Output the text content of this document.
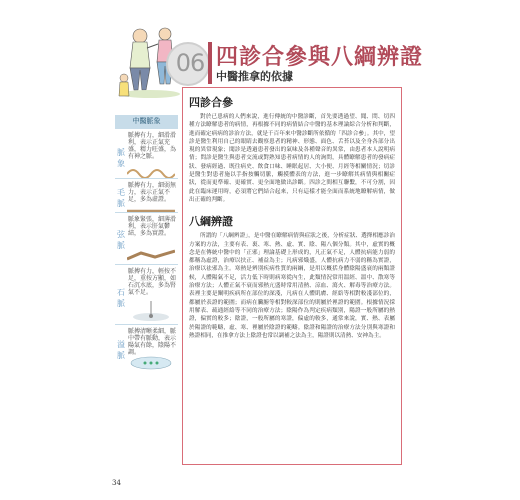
06 四診合參與八綱辨證
中醫推拿的依據
中醫脈象
脈象
脈搏有力，細滑滑利，表示正氣充盛，精力旺盛，為有神之脈。
毛脈
脈搏有力，細弱無力，表示正氣不足，多為虛證。
弦脈
脈象緊張，細薄滑利，表示肝氣鬱結，多為實證。
石脈
脈搏有力，輕按不足，重按方顯，如石沉水底，多為腎氣不足。
溢脈
脈搏清晰柔細，脈中帶有脈動，表示陽氣有餘，陰陽不調。
四診合參

對於已患病的人們來說，進行傳統的中醫診斷，首先要透過望、聞、問、切四種方法瞭解患者的病情，再根據不同的病情結合中醫的基本理論綜合分析和判斷，進而確定病病的診治方法，就是千百年來中醫診斷所依循的「四診合參」。其中，望診是醫生利用自己的眼睛去觀察患者的精神、形態、面色、舌苔以及全身各部分出現的異常現象；聞診是透過患者發出的氣味及各種聲音的異常，由患者本人說明病情；問診是醫生與患者交流或對熟知患者病情的人的詢問，具體瞭解患者的發病症狀、發病經過、既往病史、飲食口味、睡眠起居、大小便、月經等相關情況；切診是醫生對患者施以手指按觸切脈，觸摸體表的方法，進一步瞭解其病情與相關症狀，從而更準確、更確實、更全面地做出診斷。四診之間相互聯繫，不可分割，因此在臨床運用時，必須將它們結合起來，只有這樣才能全面而系統地瞭解病情，做出正確的判斷。

八綱辨證

所謂的「八綱辨證」，是中醫在瞭解病情與症狀之後，分析症狀、選擇相應診治方案的方法，主要有表、裏、寒、熱、虛、實、陰、陽八個分類。其中，虛實的概念是在傳統中醫中的「正邪」理論基礎上形成的，凡正氣不足，人體抗病能力弱的都稱為虛證，治療以扶正、補益為主；凡病邪熾盛，人體抗病力不弱的稱為實證，治療以祛邪為主。寒熱是辨別疾病性質的兩綱，是用以概括身體陰陽盛衰的兩類證候，人體陽氣不足，活力低下時則病寒從內生，此類情況常用溫經、溫中、散寒等治療方法；人體正氣不衰而邪熱亢盛時常用清熱、涼血、瀉火、解毒等治療方法。表裡主要是闡明疾病所在部位的深淺，凡病在人體肌膚、經絡等相對較淺部位的，都屬於表證的範圍；而病在臟腑等相對較深部位的則屬於裡證的範圍。根據情況採用解表、疏通經絡等不同的治療方法；陰陽作為判定疾病類別，陽證一般所屬的熱證，偏實的較多；陰證，一般所屬的寒證，偏虛的較多，通常來說，實、熱、表屬於陽證的範疇，虛、寒、裡屬於陰證的範疇。陰證和陽證的治療方法分別與寒證和熱證相同，在推拿方法上陰證也常以調補之法為主，陽證則以清熱、安神為主。

34
